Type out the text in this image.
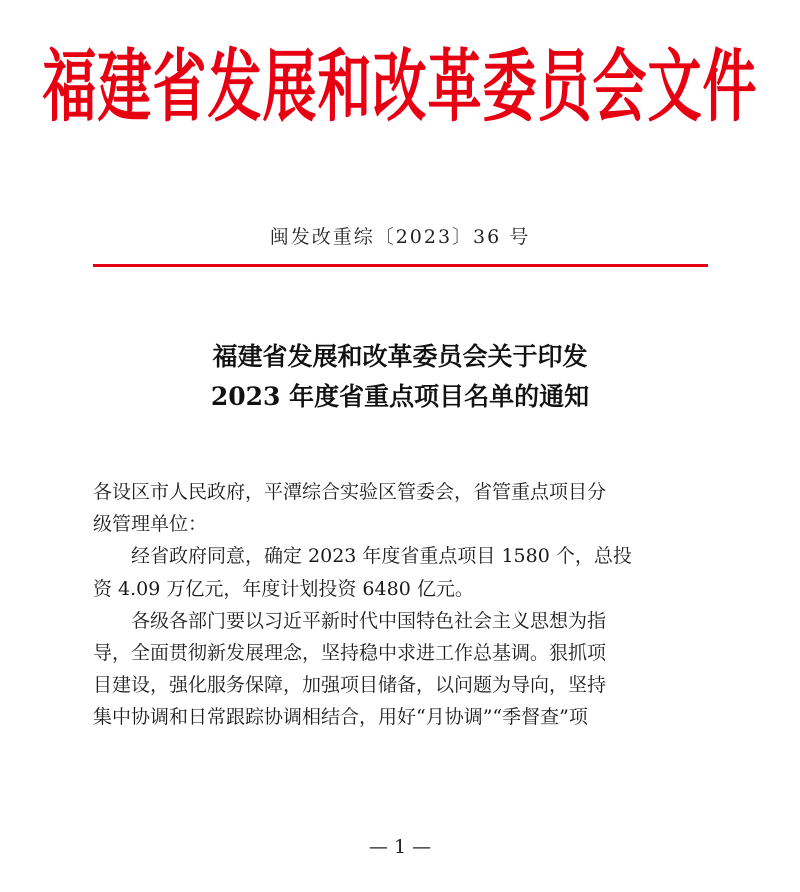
福建省发展和改革委员会文件
闽发改重综〔2023〕36 号
福建省发展和改革委员会关于印发
2023 年度省重点项目名单的通知

各设区市人民政府，平潭综合实验区管委会，省管重点项目分

级管理单位：

经省政府同意，确定 2023 年度省重点项目 1580 个，总投

资 4.09 万亿元，年度计划投资 6480 亿元。

各级各部门要以习近平新时代中国特色社会主义思想为指

导，全面贯彻新发展理念，坚持稳中求进工作总基调。狠抓项

目建设，强化服务保障，加强项目储备，以问题为导向，坚持

集中协调和日常跟踪协调相结合，用好“月协调”“季督查”项

— 1 —
